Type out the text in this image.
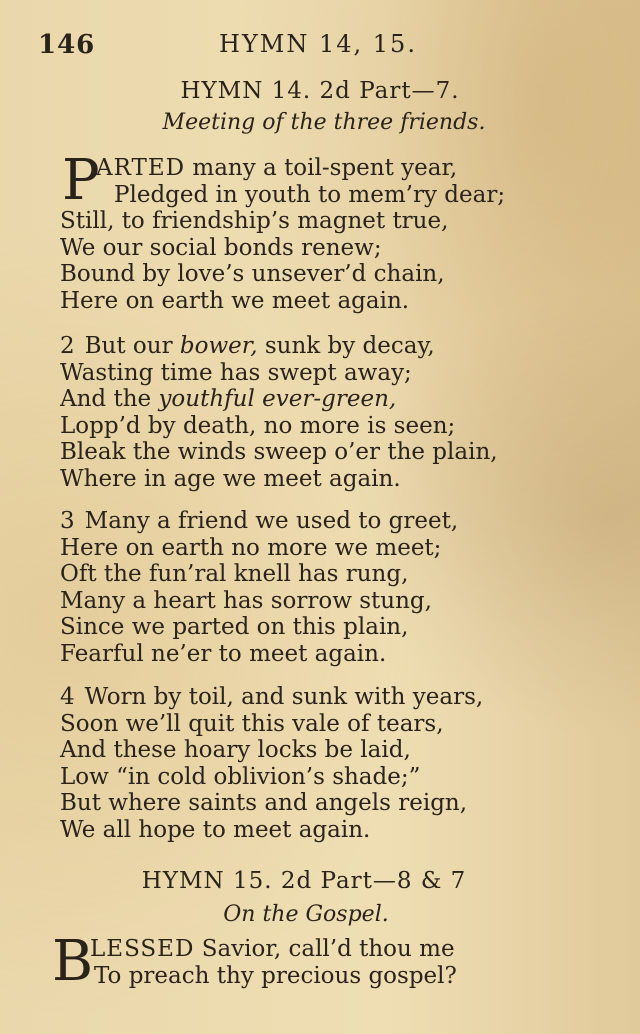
146	HYMN 14, 15.
HYMN 14. 2d Part—7.
Meeting of the three friends.
P
ARTED many a toil-spent year,
Pledged in youth to mem’ry dear;
Still, to friendship’s magnet true,
We our social bonds renew;
Bound by love’s unsever’d chain,
Here on earth we meet again.
2 But our bower, sunk by decay,
Wasting time has swept away;
And the youthful ever-green,
Lopp’d by death, no more is seen;
Bleak the winds sweep o’er the plain,
Where in age we meet again.
3 Many a friend we used to greet,
Here on earth no more we meet;
Oft the fun’ral knell has rung,
Many a heart has sorrow stung,
Since we parted on this plain,
Fearful ne’er to meet again.
4 Worn by toil, and sunk with years,
Soon we’ll quit this vale of tears,
And these hoary locks be laid,
Low “in cold oblivion’s shade;”
But where saints and angels reign,
We all hope to meet again.
HYMN 15. 2d Part—8 & 7
On the Gospel.
B
LESSED Savior, call’d thou me
To preach thy precious gospel?
